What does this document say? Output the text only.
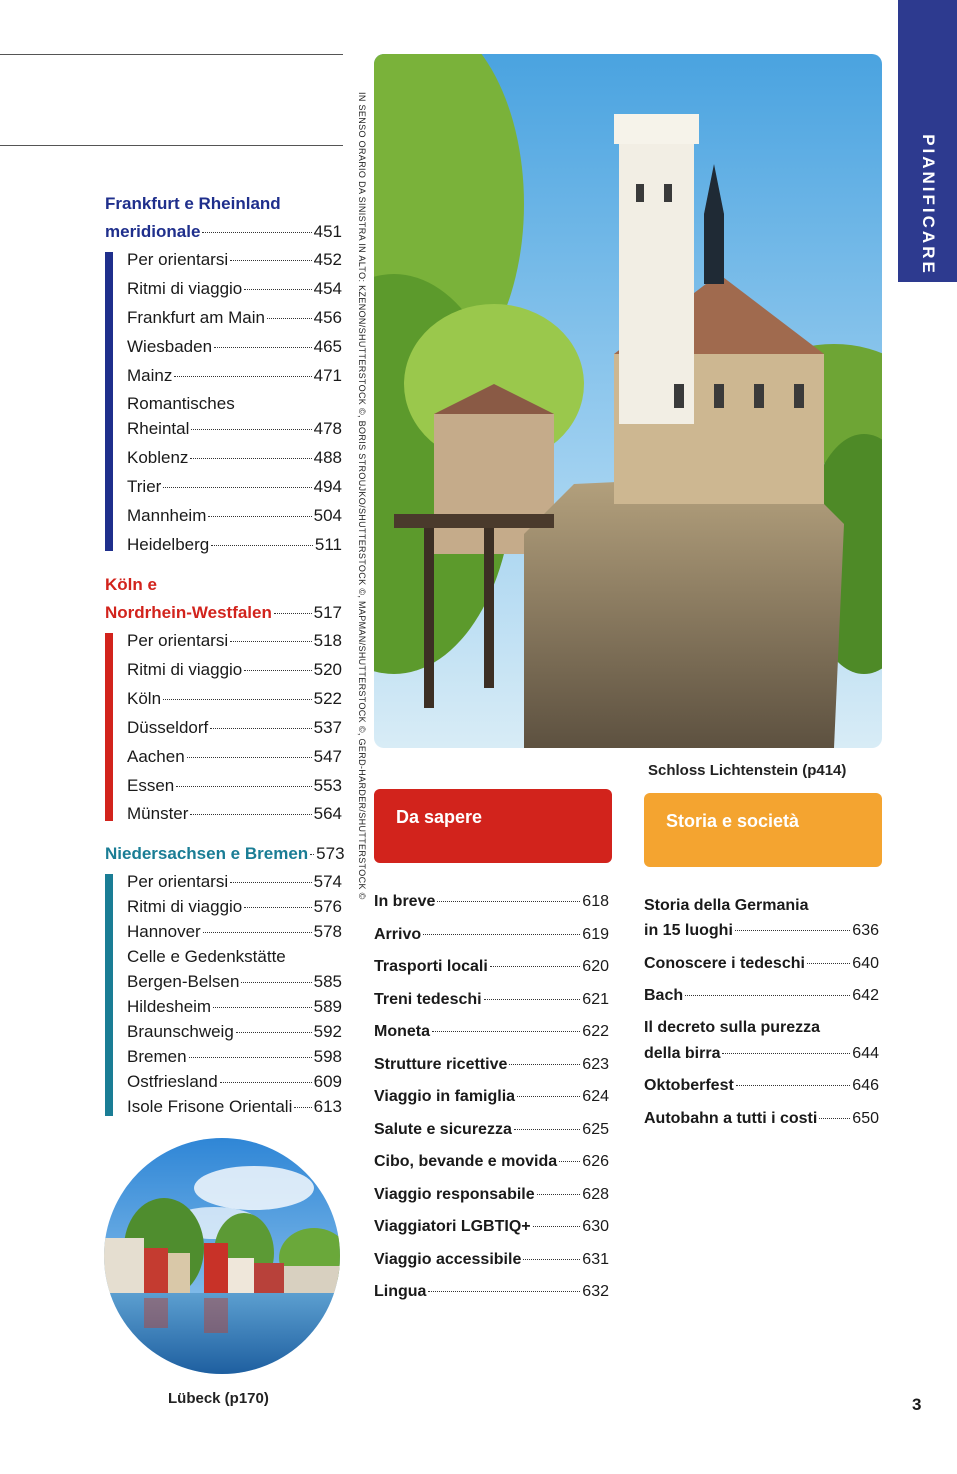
PIANIFICARE
IN SENSO ORARIO DA SINISTRA IN ALTO: KZENON/SHUTTERSTOCK ©, BORIS STROUJKO/SHUTTERSTOCK ©, MAPMAN/SHUTTERSTOCK ©, GERD-HARDER/SHUTTERSTOCK ©	Schloss Lichtenstein (p414)
Frankfurt e Rheinland
meridionale	451
Per orientarsi	452
Ritmi di viaggio	454
Frankfurt am Main	456
Wiesbaden	465
Mainz	471
Romantisches
Rheintal	478
Koblenz	488
Trier	494
Mannheim	504
Heidelberg	511
Köln e
Nordrhein-Westfalen 517
Per orientarsi	518
Ritmi di viaggio	520
Köln	522
Düsseldorf	537
Aachen	547
Essen	553
Münster	564
Niedersachsen e Bremen 573
Per orientarsi	574
Ritmi di viaggio	576
Hannover	578
Celle e Gedenkstätte
Bergen-Belsen	585
Hildesheim	589
Braunschweig	592
Bremen	598
Ostfriesland	609
Isole Frisone Orientali 613
Lübeck (p170)
Da sapere
In breve	618
Arrivo	619
Trasporti locali	620
Treni tedeschi	621
Moneta	622
Strutture ricettive	623
Viaggio in famiglia	624
Salute e sicurezza	625
Cibo, bevande e movida 626
Viaggio responsabile	628
Viaggiatori LGBTIQ+	630
Viaggio accessibile	631
Lingua	632
Storia e società
Storia della Germania
in 15 luoghi	636
Conoscere i tedeschi	640
Bach	642
Il decreto sulla purezza
della birra	644
Oktoberfest	646
Autobahn a tutti i costi 650
3
